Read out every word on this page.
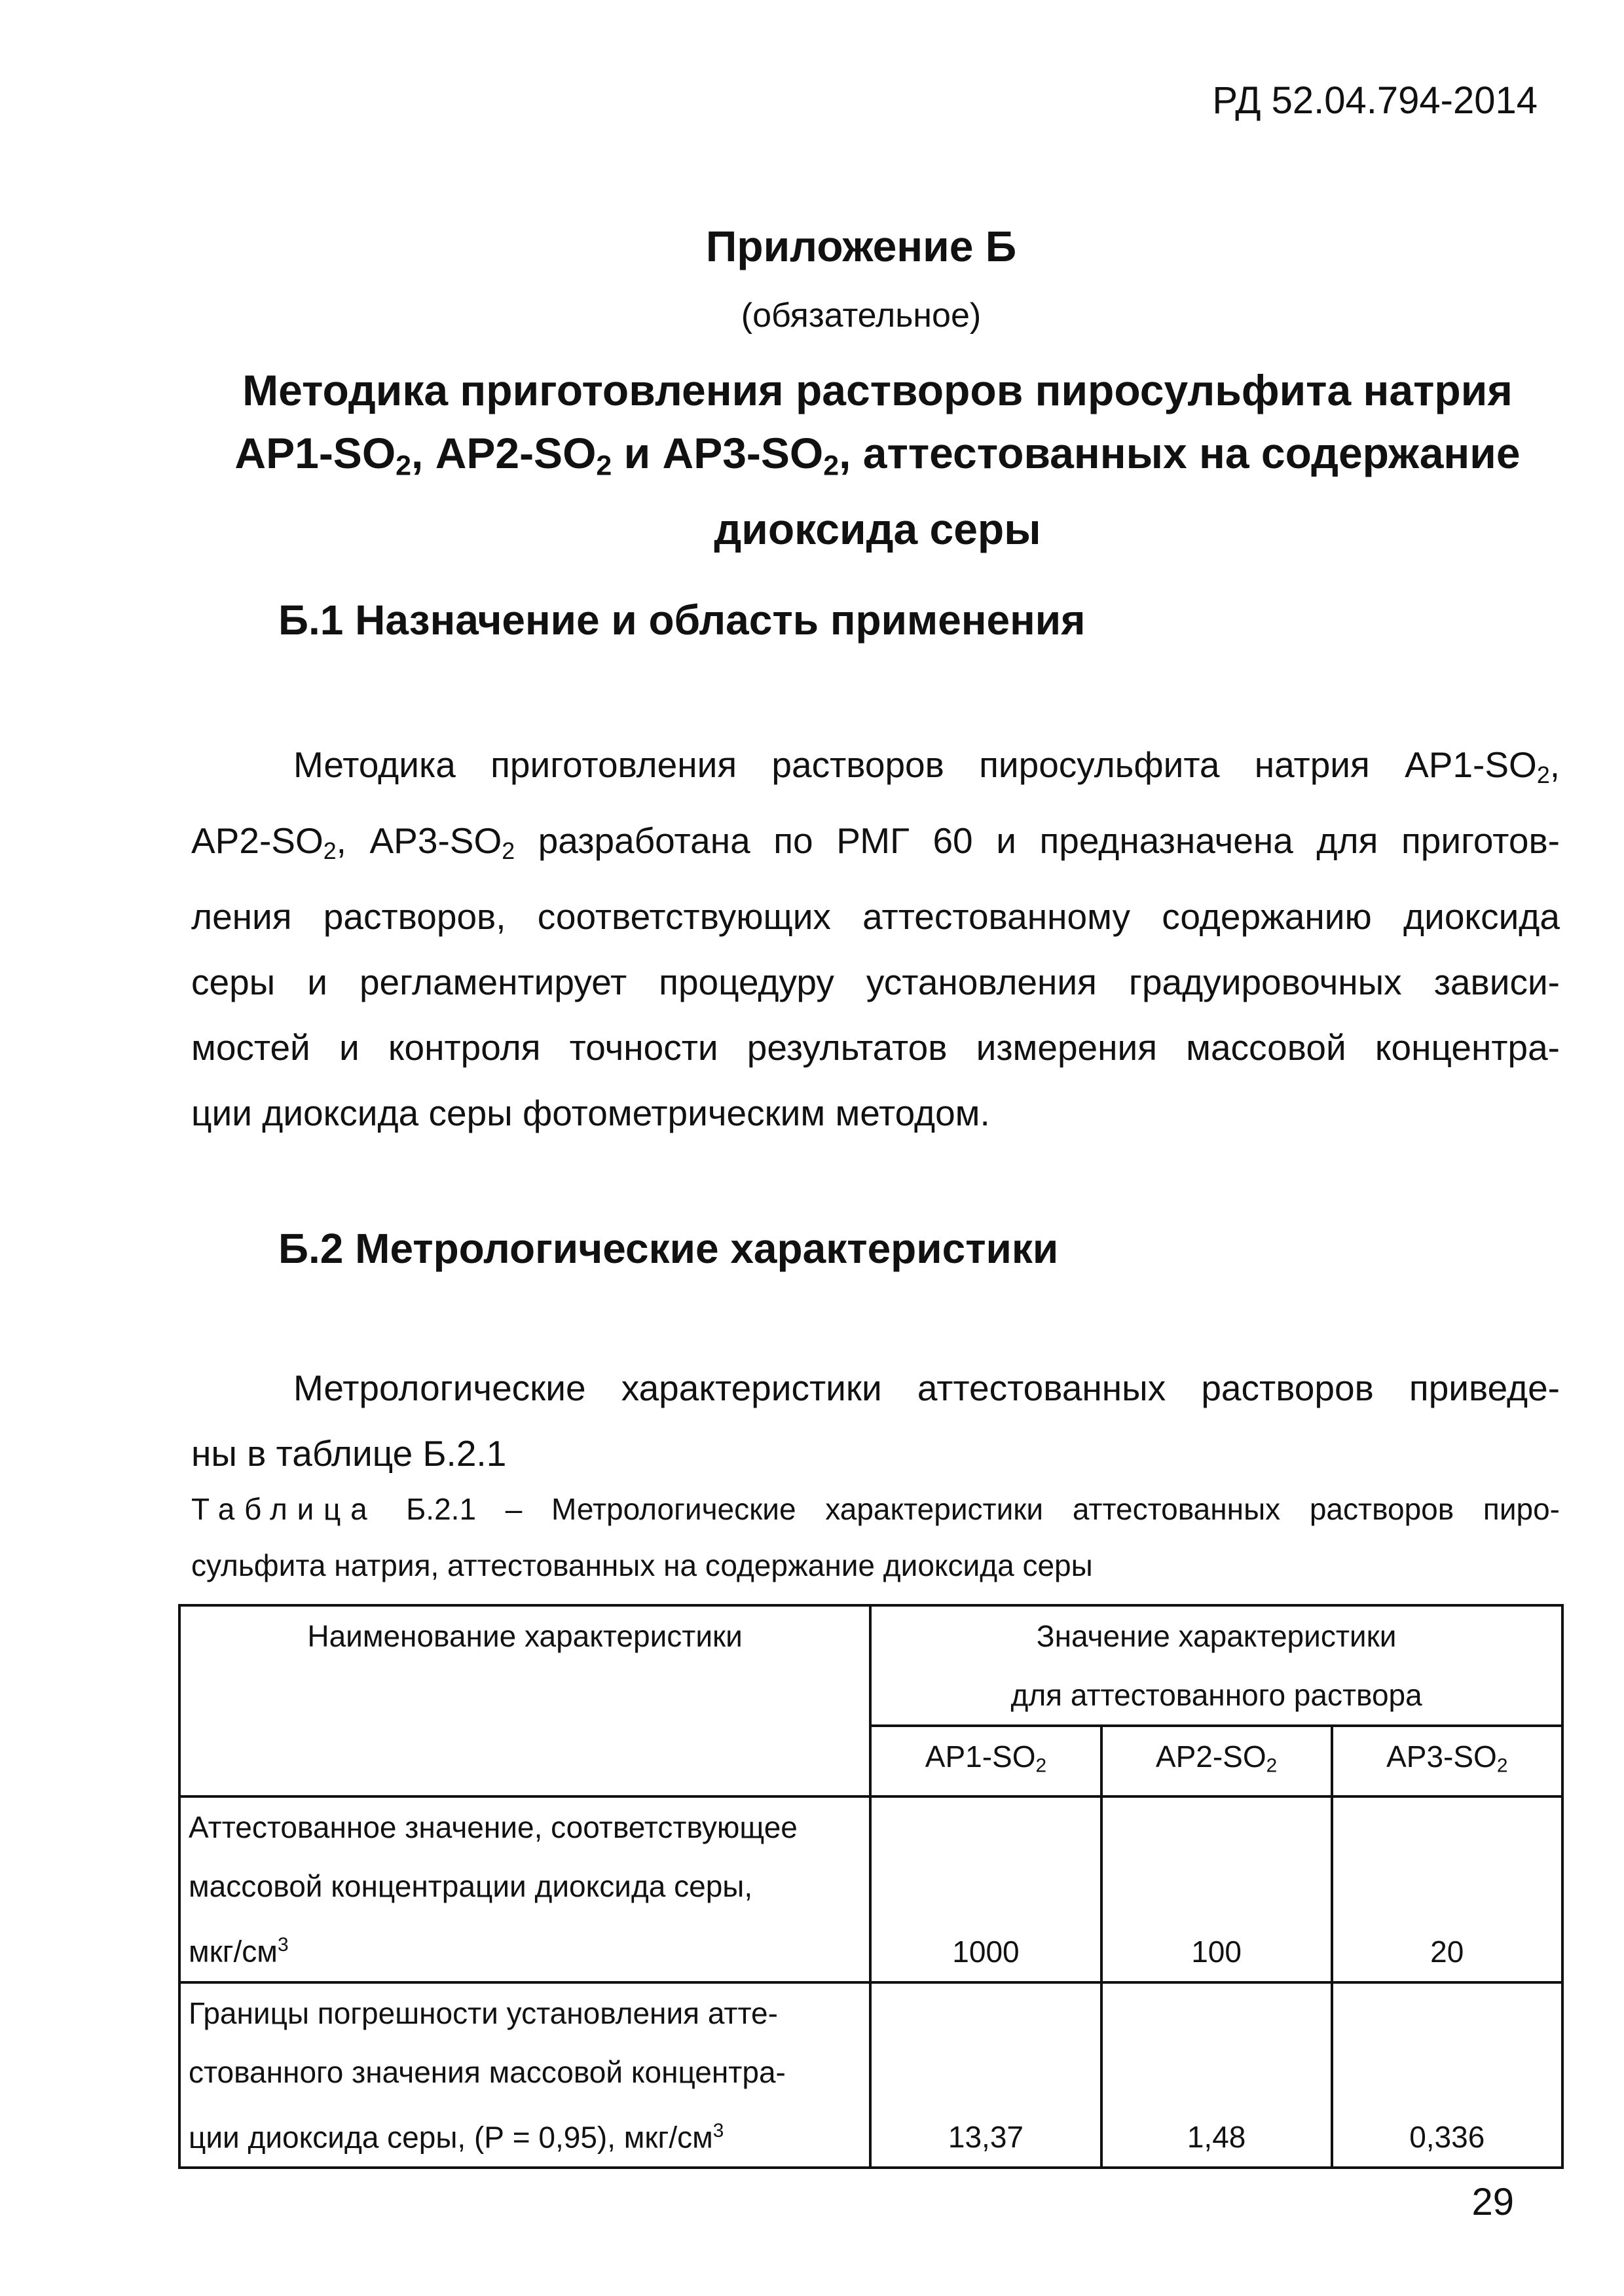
РД 52.04.794-2014
Приложение Б
(обязательное)
Методика приготовления растворов пиросульфита натрия
$АР1-SO_2$, $АР2-SO_2$ и $АР3-SO_2$, аттестованных на содержание
диоксида серы
Б.1 Назначение и область применения
Методика приготовления растворов пиросульфита натрия $АР1-SO_2$,
$АР2-SO_2$, $АР3-SO_2$ разработана по РМГ 60 и предназначена для приготов-
ления растворов, соответствующих аттестованному содержанию диоксида
серы и регламентирует процедуру установления градуировочных зависи-
мостей и контроля точности результатов измерения массовой концентра-
ции диоксида серы фотометрическим методом.
Б.2 Метрологические характеристики
Метрологические характеристики аттестованных растворов приведе-
ны в таблице Б.2.1
Таблица Б.2.1 – Метрологические характеристики аттестованных растворов пиро-
сульфита натрия, аттестованных на содержание диоксида серы
Наименование характеристики	Значение характеристики
для аттестованного раствора		

	$АР1-SO_2$	$АР2-SO_2$	$АР3-SO_2$

Аттестованное значение, соответствующее
массовой концентрации диоксида серы,
мкг/$см^3$	1000	100	20

Границы погрешности установления атте-
стованного значения массовой концентра-
ции диоксида серы, (Р = 0,95), мкг/$см^3$	13,37	1,48	0,336
29
